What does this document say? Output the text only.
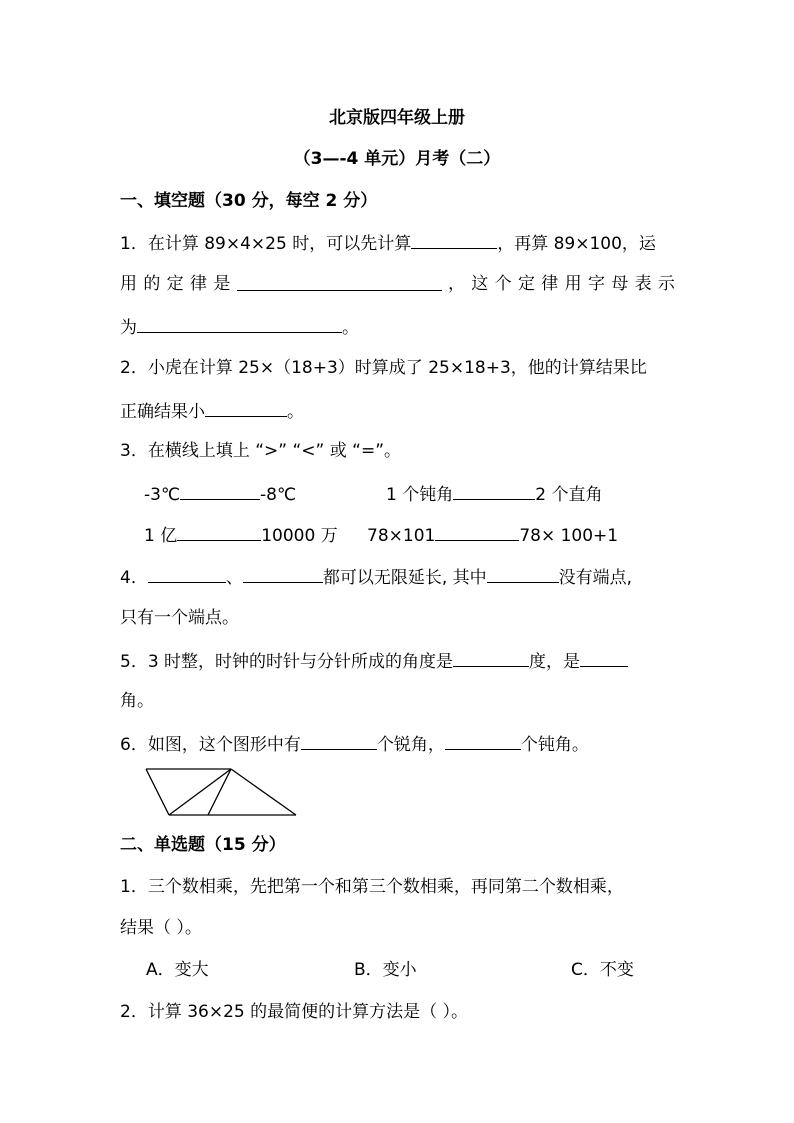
北京版四年级上册
（3—-4 单元）月考（二）
一、填空题（30 分，每空 2 分）
1．在计算 89×4×25 时，可以先计算	，再算 89×100，运
用 的 定 律 是	， 这 个 定 律 用 字 母 表 示
为	。
2．小虎在计算 25×（18+3）时算成了 25×18+3，他的计算结果比
正确结果小	。
3．在横线上填上 “>” “<” 或 “=”。
-3℃	-8℃	1 个钝角	2 个直角
1 亿	10000 万 78×101	78× 100+1
4．	、	都可以无限延长, 其中	没有端点,
只有一个端点。
5．3 时整，时钟的时针与分针所成的角度是	度，是
角。
6．如图，这个图形中有	个锐角，	个钝角。
二、单选题（15 分）
1．三个数相乘，先把第一个和第三个数相乘，再同第二个数相乘，
结果（ ）。
A．变大	B．变小	C．不变
2．计算 36×25 的最简便的计算方法是（ ）。
